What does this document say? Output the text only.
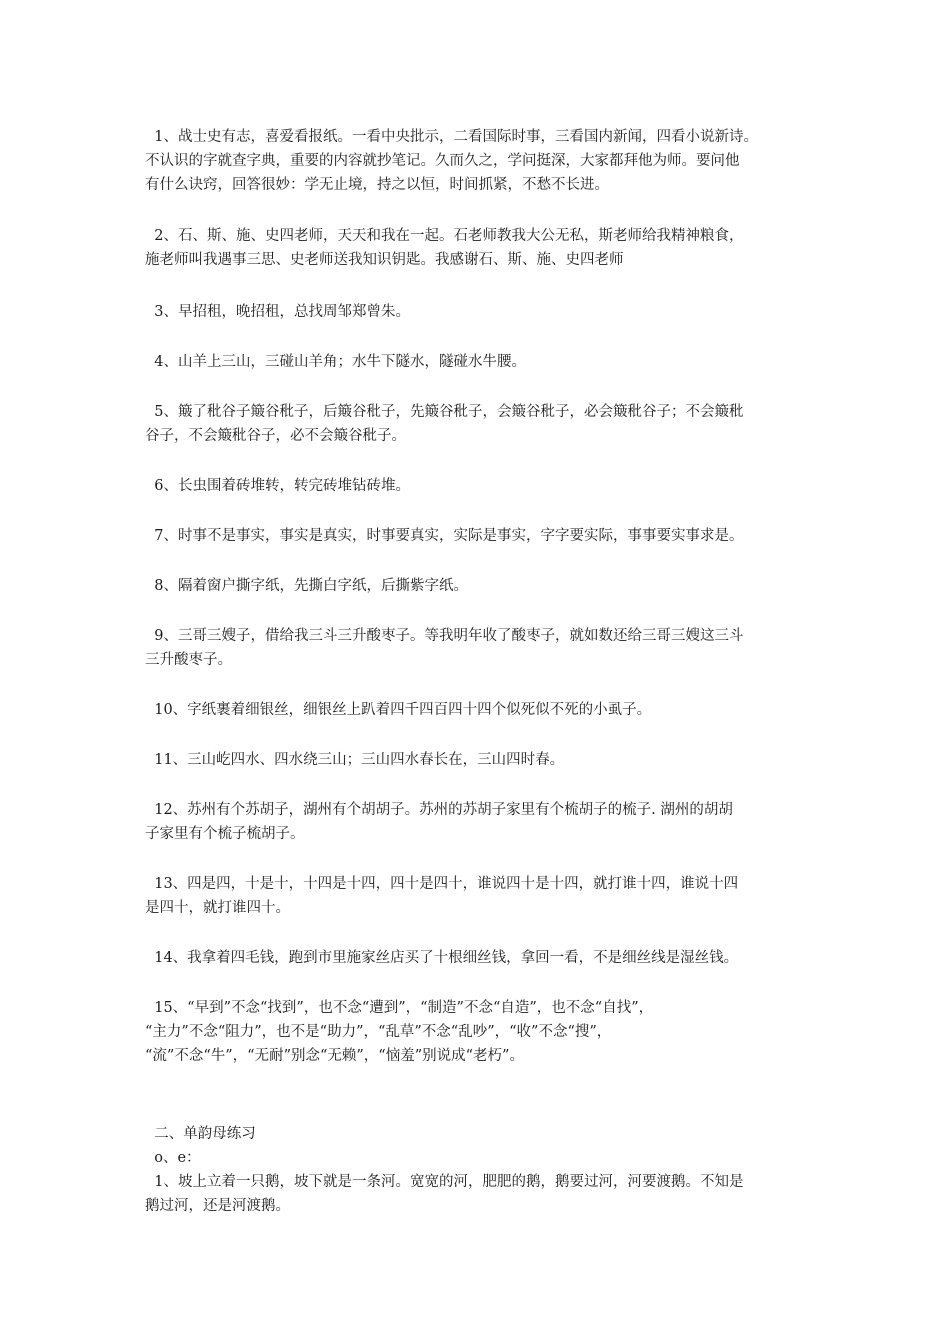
1、战士史有志，喜爱看报纸。一看中央批示，二看国际时事，三看国内新闻，四看小说新诗。
不认识的字就查字典，重要的内容就抄笔记。久而久之，学问挺深，大家都拜他为师。要问他
有什么诀窍，回答很妙：学无止境，持之以恒，时间抓紧，不愁不长进。

2、石、斯、施、史四老师，天天和我在一起。石老师教我大公无私，斯老师给我精神粮食，
施老师叫我遇事三思、史老师送我知识钥匙。我感谢石、斯、施、史四老师

3、早招租，晚招租，总找周邹郑曾朱。

4、山羊上三山，三碰山羊角；水牛下隧水，隧碰水牛腰。

5、簸了秕谷子簸谷秕子，后簸谷秕子，先簸谷秕子，会簸谷秕子，必会簸秕谷子；不会簸秕
谷子，不会簸秕谷子，必不会簸谷秕子。

6、长虫围着砖堆转，转完砖堆钻砖堆。

7、时事不是事实，事实是真实，时事要真实，实际是事实，字字要实际，事事要实事求是。

8、隔着窗户撕字纸，先撕白字纸，后撕紫字纸。

9、三哥三嫂子，借给我三斗三升酸枣子。等我明年收了酸枣子，就如数还给三哥三嫂这三斗
三升酸枣子。

10、字纸裹着细银丝，细银丝上趴着四千四百四十四个似死似不死的小虱子。

11、三山屹四水、四水绕三山；三山四水春长在，三山四时春。

12、苏州有个苏胡子，湖州有个胡胡子。苏州的苏胡子家里有个梳胡子的梳子. 湖州的胡胡
子家里有个梳子梳胡子。

13、四是四，十是十，十四是十四，四十是四十，谁说四十是十四，就打谁十四，谁说十四
是四十，就打谁四十。

14、我拿着四毛钱，跑到市里施家丝店买了十根细丝钱，拿回一看，不是细丝线是湿丝钱。

15、“早到”不念“找到”，也不念“遭到”，“制造”不念“自造”，也不念“自找”，
“主力”不念“阻力”，也不是“助力”，“乱草”不念“乱吵”，“收”不念“搜”，
“流”不念“牛”，“无耐”别念“无赖”，“恼羞”别说成“老朽”。

二、单韵母练习
o、e：
1、坡上立着一只鹅，坡下就是一条河。宽宽的河，肥肥的鹅，鹅要过河，河要渡鹅。不知是
鹅过河，还是河渡鹅。
